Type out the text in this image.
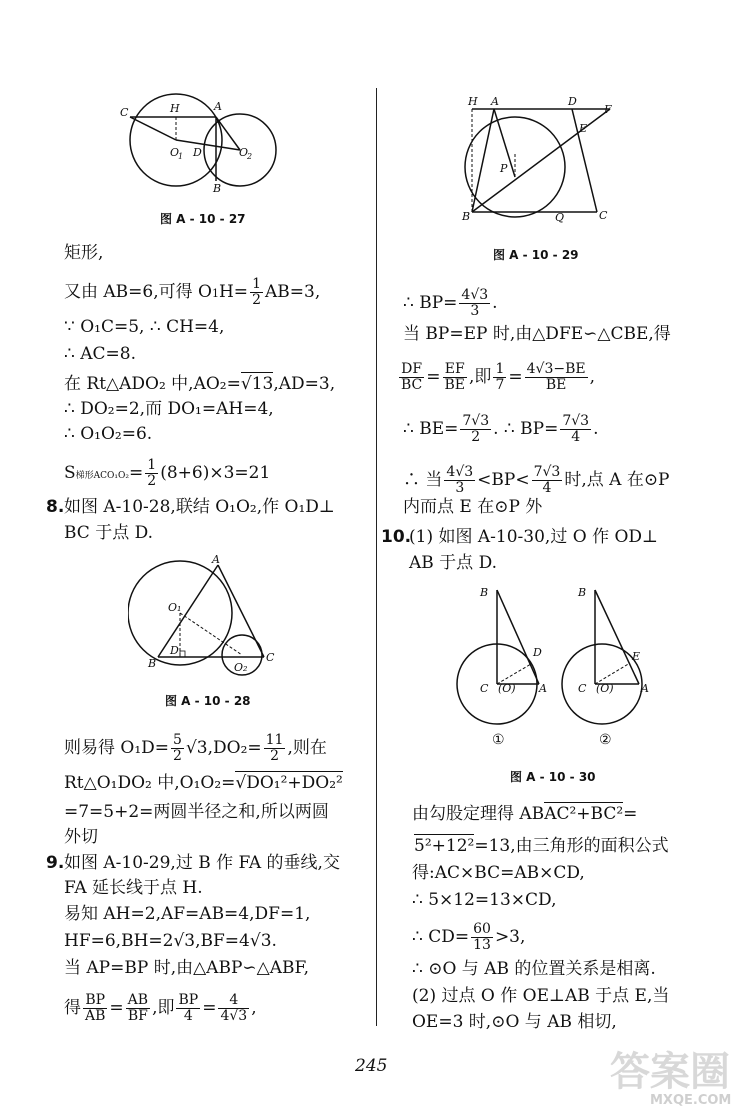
C	H	A
O
1 D	O
2
B
图 A - 10 - 27
矩形,
又由 AB=6,可得 $O1H= \frac{1}{2} AB=3$,
∵ O₁C=5, ∴ CH=4,
∴ AC=8.
在 Rt△ADO₂ 中,AO₂=√13,AD=3,
∴ DO₂=2,而 DO₁=AH=4,
∴ O₁O₂=6.
S梯形$ACO_1O_2= \frac{1}{2} (8+6)\times 3=21$
8. 如图 A-10-28,联结 O₁O₂,作 O₁D⊥
BC 于点 D.
A
O₁
D
B	O₂
C
图 A - 10 - 28
则易得 $O_1D= \frac{5}{2} √3,DO_2= \frac{11}{2}$ ,则在
Rt△O₁DO₂ 中,O₁O₂=√DO₁²+DO₂²
=7=5+2=两圆半径之和,所以两圆
外切
9. 如图 A-10-29,过 B 作 FA 的垂线,交
FA 延长线于点 H.
易知 AH=2,AF=AB=4,DF=1,
HF=6,BH=2√3,BF=4√3.
当 AP=BP 时,由△ABP∽△ABF,
得 $\frac{BP}{AB} = \frac{AB}{BF}$ ,即 $\frac{BP}{4} = \frac{4}{4√3}$ ,
H A	D
F
E
P
B	Q	C
图 A - 10 - 29
∴ $BP= \frac{4√3}{3}$ .
当 BP=EP 时,由△DFE∽△CBE,得
$\frac{DF}{BC} = \frac{EF}{BE}$ ,即 $\frac{1}{7} = \frac{4√3-BE}{BE}$ ,
∴ $BE= \frac{7√3}{2}$ . ∴ $BP= \frac{7√3}{4}$ .
∴ 当 $\frac{4√3}{3} <BP< \frac{7√3}{4}$ 时,点 A 在⊙P
内而点 E 在⊙P 外
10.
(1) 如图 A-10-30,过 O 作 OD⊥
AB 于点 D.
B
D
C (O) A
①
B
E
C (O) A
②
图 A - 10 - 30
由勾股定理得 ABAC²+BC²=
5²+12²=13,由三角形的面积公式
得:AC×BC=AB×CD,
∴ 5×12=13×CD,
∴ $CD= \frac{60}{13} >3$,
∴ ⊙O 与 AB 的位置关系是相离.
(2) 过点 O 作 OE⊥AB 于点 E,当
OE=3 时,⊙O 与 AB 相切,
245	答案圈
MXQE.COM
